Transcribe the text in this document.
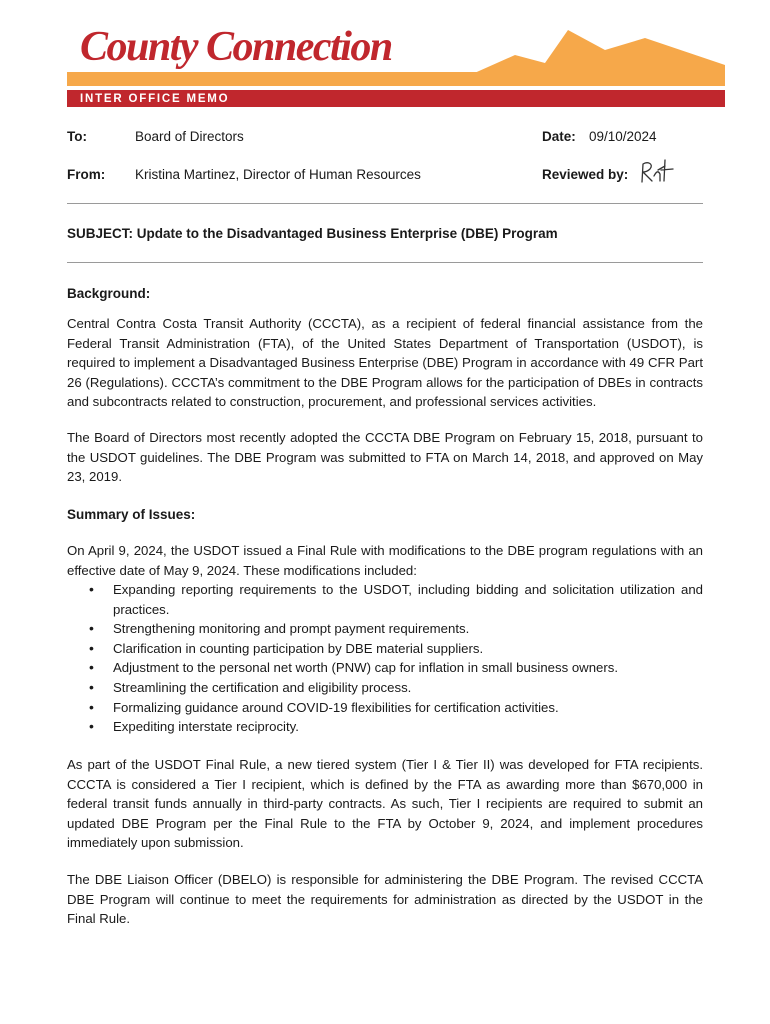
County Connection
INTER OFFICE MEMO
To:	Board of Directors	Date: 09/10/2024
From: Kristina Martinez, Director of Human Resources	Reviewed by:
SUBJECT: Update to the Disadvantaged Business Enterprise (DBE) Program
Background:
Central Contra Costa Transit Authority (CCCTA), as a recipient of federal financial assistance from the Federal Transit Administration (FTA), of the United States Department of Transportation (USDOT), is required to implement a Disadvantaged Business Enterprise (DBE) Program in accordance with 49 CFR Part 26 (Regulations). CCCTA’s commitment to the DBE Program allows for the participation of DBEs in contracts and subcontracts related to construction, procurement, and professional services activities.
The Board of Directors most recently adopted the CCCTA DBE Program on February 15, 2018, pursuant to the USDOT guidelines. The DBE Program was submitted to FTA on March 14, 2018, and approved on May 23, 2019.
Summary of Issues:
On April 9, 2024, the USDOT issued a Final Rule with modifications to the DBE program regulations with an effective date of May 9, 2024. These modifications included:
• Expanding reporting requirements to the USDOT, including bidding and solicitation utilization and practices.
• Strengthening monitoring and prompt payment requirements.
• Clarification in counting participation by DBE material suppliers.
• Adjustment to the personal net worth (PNW) cap for inflation in small business owners.
• Streamlining the certification and eligibility process.
• Formalizing guidance around COVID-19 flexibilities for certification activities.
• Expediting interstate reciprocity.
As part of the USDOT Final Rule, a new tiered system (Tier I & Tier II) was developed for FTA recipients. CCCTA is considered a Tier I recipient, which is defined by the FTA as awarding more than $670,000 in federal transit funds annually in third-party contracts. As such, Tier I recipients are required to submit an updated DBE Program per the Final Rule to the FTA by October 9, 2024, and implement procedures immediately upon submission.
The DBE Liaison Officer (DBELO) is responsible for administering the DBE Program. The revised CCCTA DBE Program will continue to meet the requirements for administration as directed by the USDOT in the Final Rule.
